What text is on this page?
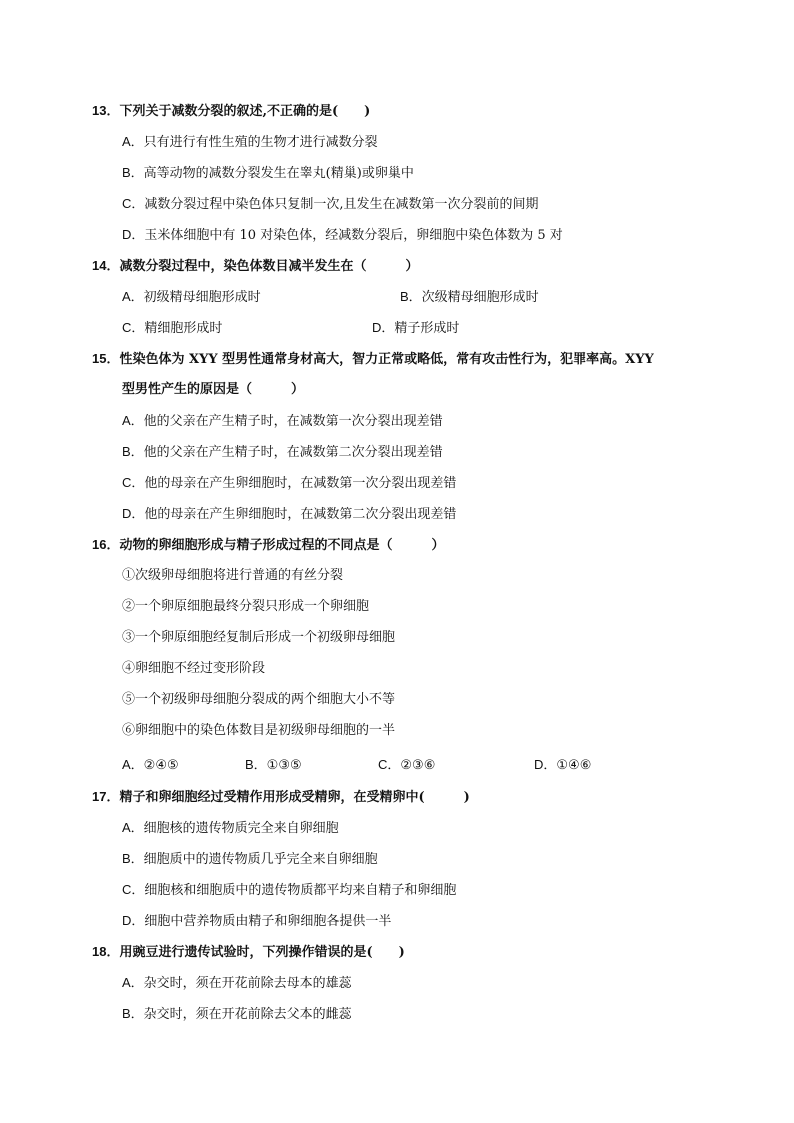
13．下列关于减数分裂的叙述,不正确的是(　　)
A．只有进行有性生殖的生物才进行减数分裂
B．高等动物的减数分裂发生在睾丸(精巢)或卵巢中
C．减数分裂过程中染色体只复制一次,且发生在减数第一次分裂前的间期
D．玉米体细胞中有 10 对染色体，经减数分裂后，卵细胞中染色体数为 5 对
14．减数分裂过程中，染色体数目减半发生在（　　　）
A．初级精母细胞形成时	B．次级精母细胞形成时
C．精细胞形成时	D．精子形成时
15．性染色体为 XYY 型男性通常身材高大，智力正常或略低，常有攻击性行为，犯罪率高。XYY
型男性产生的原因是（　　　）
A．他的父亲在产生精子时，在减数第一次分裂出现差错
B．他的父亲在产生精子时，在减数第二次分裂出现差错
C．他的母亲在产生卵细胞时，在减数第一次分裂出现差错
D．他的母亲在产生卵细胞时，在减数第二次分裂出现差错
16．动物的卵细胞形成与精子形成过程的不同点是（　　　）
①次级卵母细胞将进行普通的有丝分裂
②一个卵原细胞最终分裂只形成一个卵细胞
③一个卵原细胞经复制后形成一个初级卵母细胞
④卵细胞不经过变形阶段
⑤一个初级卵母细胞分裂成的两个细胞大小不等
⑥卵细胞中的染色体数目是初级卵母细胞的一半
A．②④⑤	B．①③⑤	C．②③⑥	D．①④⑥
17．精子和卵细胞经过受精作用形成受精卵，在受精卵中(　　　)
A．细胞核的遗传物质完全来自卵细胞
B．细胞质中的遗传物质几乎完全来自卵细胞
C．细胞核和细胞质中的遗传物质都平均来自精子和卵细胞
D．细胞中营养物质由精子和卵细胞各提供一半
18．用豌豆进行遗传试验时，下列操作错误的是(　　)
A．杂交时，须在开花前除去母本的雄蕊
B．杂交时，须在开花前除去父本的雌蕊
